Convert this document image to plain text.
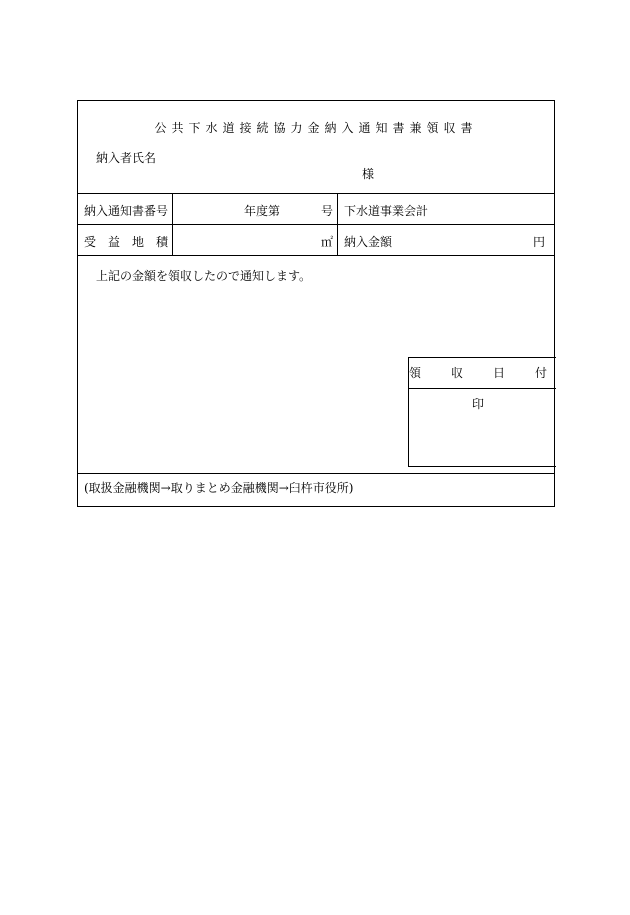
公共下水道接続協力金納入通知書兼領収書
納入者氏名
様
納入通知書番号	年度第	号 下水道事業会計
受　益　地　積	㎡ 納入金額	円
上記の金額を領収したので通知します。
領　収　日　付　印
(取扱金融機関→取りまとめ金融機関→臼杵市役所)
